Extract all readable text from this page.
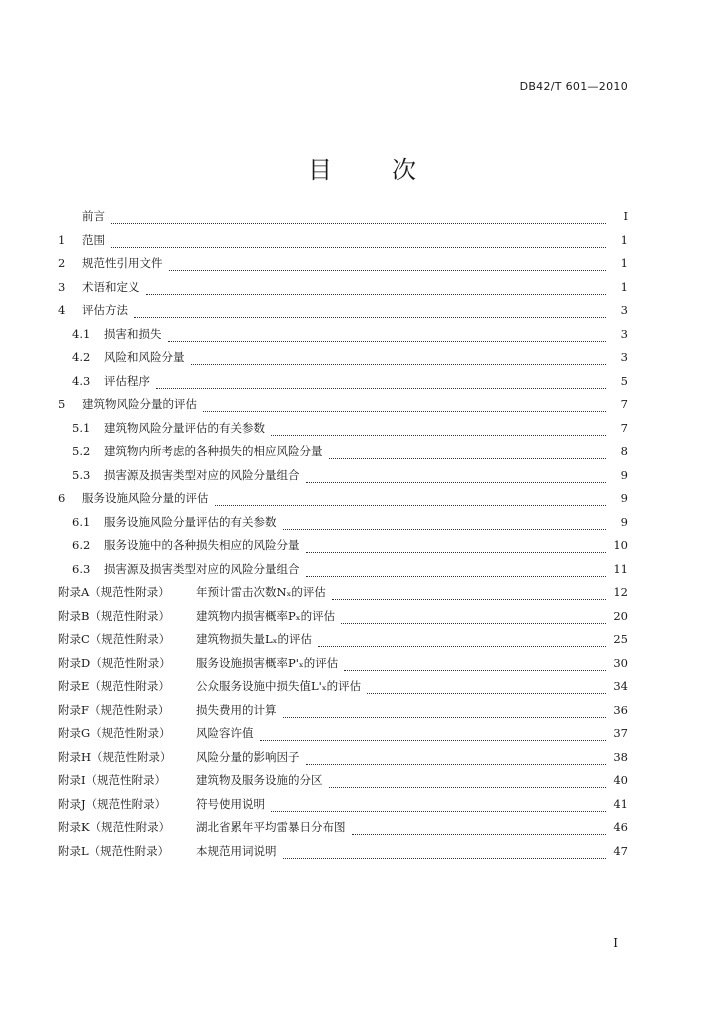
DB42/T 601—2010
目	次
前言	I
1	范围	1
2	规范性引用文件	1
3	术语和定义	1
4	评估方法	3
4.1	损害和损失	3
4.2	风险和风险分量	3
4.3	评估程序	5
5	建筑物风险分量的评估	7
5.1	建筑物风险分量评估的有关参数	7
5.2	建筑物内所考虑的各种损失的相应风险分量	8
5.3	损害源及损害类型对应的风险分量组合	9
6	服务设施风险分量的评估	9
6.1	服务设施风险分量评估的有关参数	9
6.2	服务设施中的各种损失相应的风险分量	10
6.3	损害源及损害类型对应的风险分量组合	11
附录A（规范性附录）	年预计雷击次数Nₓ的评估	12
附录B（规范性附录）	建筑物内损害概率Pₓ的评估	20
附录C（规范性附录）	建筑物损失量Lₓ的评估	25
附录D（规范性附录）	服务设施损害概率P'ₓ的评估	30
附录E（规范性附录）	公众服务设施中损失值L'ₓ的评估	34
附录F（规范性附录）	损失费用的计算	36
附录G（规范性附录）	风险容许值	37
附录H（规范性附录）	风险分量的影响因子	38
附录I（规范性附录）	建筑物及服务设施的分区	40
附录J（规范性附录）	符号使用说明	41
附录K（规范性附录）	湖北省累年平均雷暴日分布图	46
附录L（规范性附录）	本规范用词说明	47
I
